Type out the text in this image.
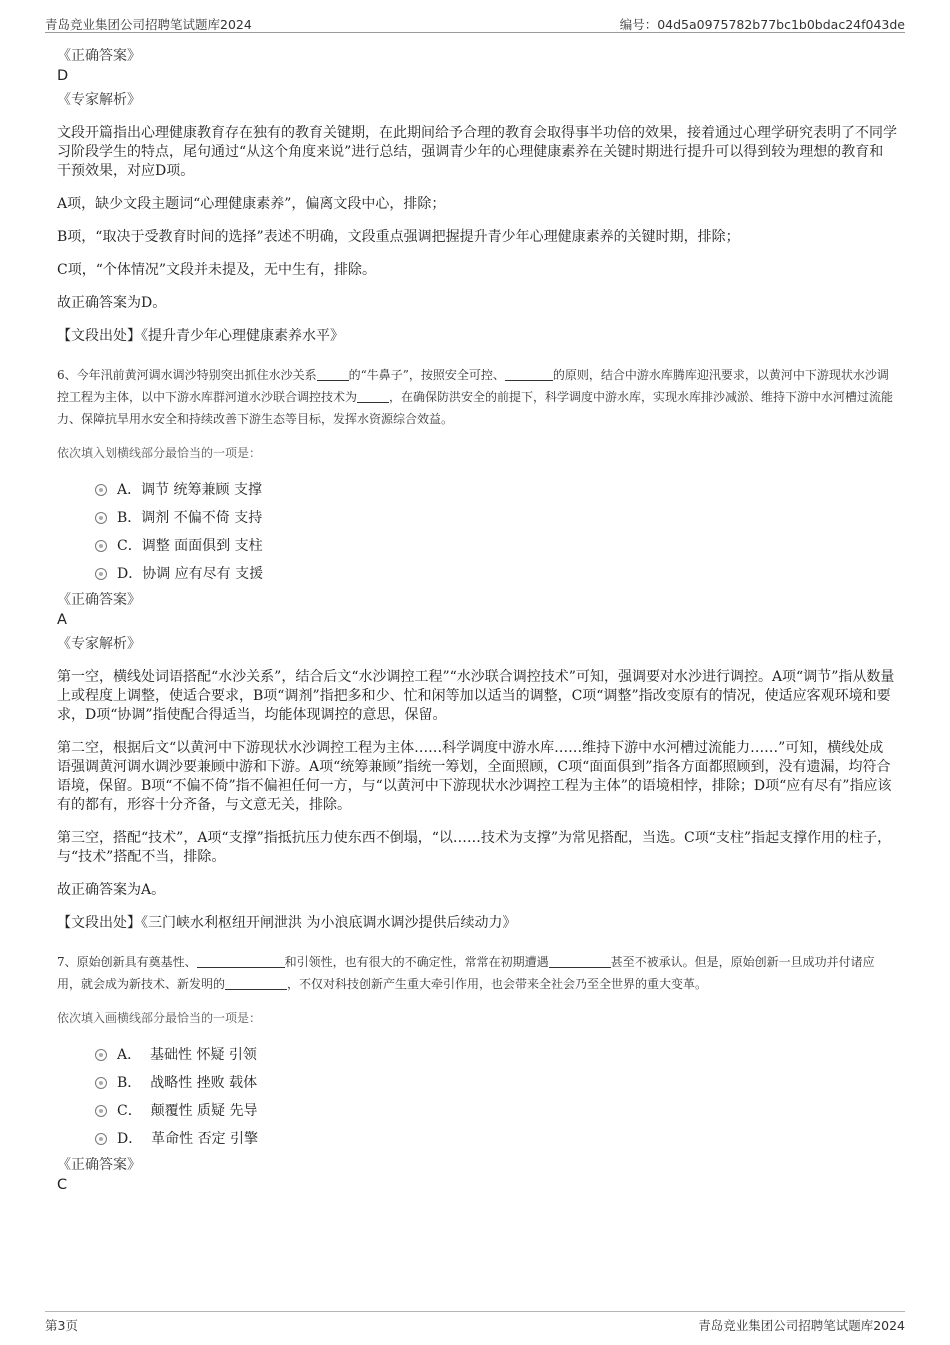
青岛竞业集团公司招聘笔试题库2024	编号：04d5a0975782b77bc1b0bdac24f043de
《正确答案》
D
《专家解析》
文段开篇指出心理健康教育存在独有的教育关键期，在此期间给予合理的教育会取得事半功倍的效果，接着通过心理学研究表明了不同学习阶段学生的特点，尾句通过“从这个角度来说”进行总结，强调青少年的心理健康素养在关键时期进行提升可以得到较为理想的教育和干预效果，对应D项。
A项，缺少文段主题词“心理健康素养”，偏离文段中心，排除；
B项，“取决于受教育时间的选择”表述不明确，文段重点强调把握提升青少年心理健康素养的关键时期，排除；
C项，“个体情况”文段并未提及，无中生有，排除。
故正确答案为D。
【文段出处】《提升青少年心理健康素养水平》
6、今年汛前黄河调水调沙特别突出抓住水沙关系	的“牛鼻子”，按照安全可控、	的原则，结合中游水库腾库迎汛要求，以黄河中下游现状水沙调控工程为主体，以中下游水库群河道水沙联合调控技术为	，在确保防洪安全的前提下，科学调度中游水库，实现水库排沙减淤、维持下游中水河槽过流能力、保障抗旱用水安全和持续改善下游生态等目标，发挥水资源综合效益。
依次填入划横线部分最恰当的一项是：
A．调节 统筹兼顾 支撑
B．调剂 不偏不倚 支持
C．调整 面面俱到 支柱
D．协调 应有尽有 支援
《正确答案》
A
《专家解析》
第一空，横线处词语搭配“水沙关系”，结合后文“水沙调控工程”“水沙联合调控技术”可知，强调要对水沙进行调控。A项“调节”指从数量上或程度上调整，使适合要求，B项“调剂”指把多和少、忙和闲等加以适当的调整，C项“调整”指改变原有的情况，使适应客观环境和要求，D项“协调”指使配合得适当，均能体现调控的意思，保留。
第二空，根据后文“以黄河中下游现状水沙调控工程为主体……科学调度中游水库……维持下游中水河槽过流能力……”可知，横线处成语强调黄河调水调沙要兼顾中游和下游。A项“统筹兼顾”指统一筹划，全面照顾，C项“面面俱到”指各方面都照顾到，没有遗漏，均符合语境，保留。B项“不偏不倚”指不偏袒任何一方，与“以黄河中下游现状水沙调控工程为主体”的语境相悖，排除；D项“应有尽有”指应该有的都有，形容十分齐备，与文意无关，排除。
第三空，搭配“技术”，A项“支撑”指抵抗压力使东西不倒塌，“以……技术为支撑”为常见搭配，当选。C项“支柱”指起支撑作用的柱子，与“技术”搭配不当，排除。
故正确答案为A。
【文段出处】《三门峡水利枢纽开闸泄洪 为小浪底调水调沙提供后续动力》
7、原始创新具有奠基性、	和引领性，也有很大的不确定性，常常在初期遭遇	甚至不被承认。但是，原始创新一旦成功并付诸应用，就会成为新技术、新发明的	，不仅对科技创新产生重大牵引作用，也会带来全社会乃至全世界的重大变革。
依次填入画横线部分最恰当的一项是：
A．  基础性 怀疑 引领
B．  战略性 挫败 载体
C．  颠覆性 质疑 先导
D．  革命性 否定 引擎
《正确答案》
C
第3页	青岛竞业集团公司招聘笔试题库2024
